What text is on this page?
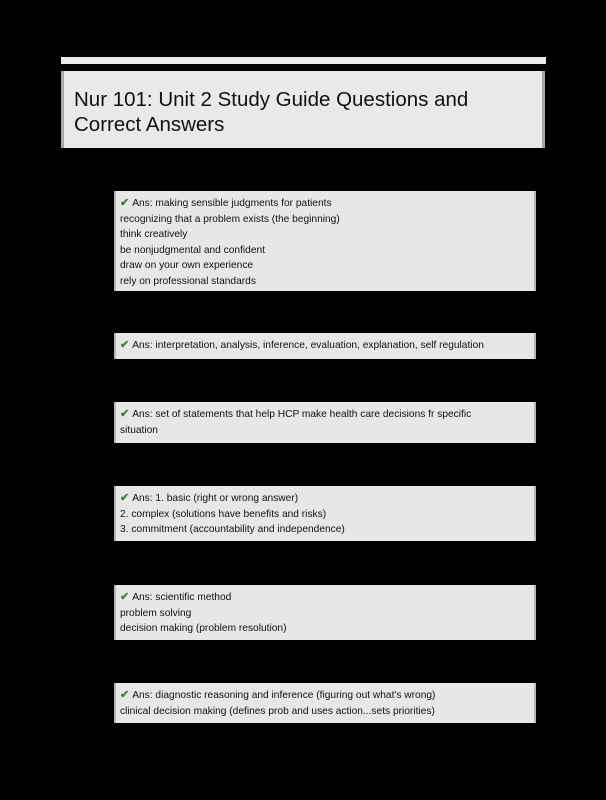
Nur 101: Unit 2 Study Guide Questions and
Correct Answers
✔ Ans: making sensible judgments for patients
recognizing that a problem exists (the beginning)
think creatively
be nonjudgmental and confident
draw on your own experience
rely on professional standards
✔ Ans: interpretation, analysis, inference, evaluation, explanation, self regulation
✔ Ans: set of statements that help HCP make health care decisions fr specific
situation
✔ Ans: 1. basic (right or wrong answer)
2. complex (solutions have benefits and risks)
3. commitment (accountability and independence)
✔ Ans: scientific method
problem solving
decision making (problem resolution)
✔ Ans: diagnostic reasoning and inference (figuring out what's wrong)
clinical decision making (defines prob and uses action...sets priorities)
